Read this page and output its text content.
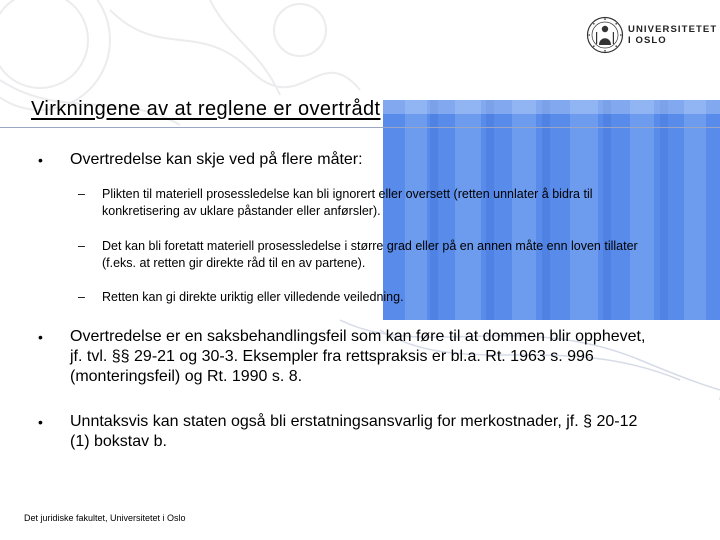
UNIVERSITETET
I OSLO
Virkningene av at reglene er overtrådt
• Overtredelse kan skje ved på flere måter:
– Plikten til materiell prosessledelse kan bli ignorert eller oversett (retten unnlater å bidra til konkretisering av uklare påstander eller anførsler).
– Det kan bli foretatt materiell prosessledelse i større grad eller på en annen måte enn loven tillater (f.eks. at retten gir direkte råd til en av partene).
– Retten kan gi direkte uriktig eller villedende veiledning.
• Overtredelse er en saksbehandlingsfeil som kan føre til at dommen blir opphevet, jf. tvl. §§ 29-21 og 30-3. Eksempler fra rettspraksis er bl.a. Rt. 1963 s. 996 (monteringsfeil) og Rt. 1990 s. 8.
• Unntaksvis kan staten også bli erstatningsansvarlig for merkostnader, jf. § 20-12 (1) bokstav b.
Det juridiske fakultet, Universitetet i Oslo
